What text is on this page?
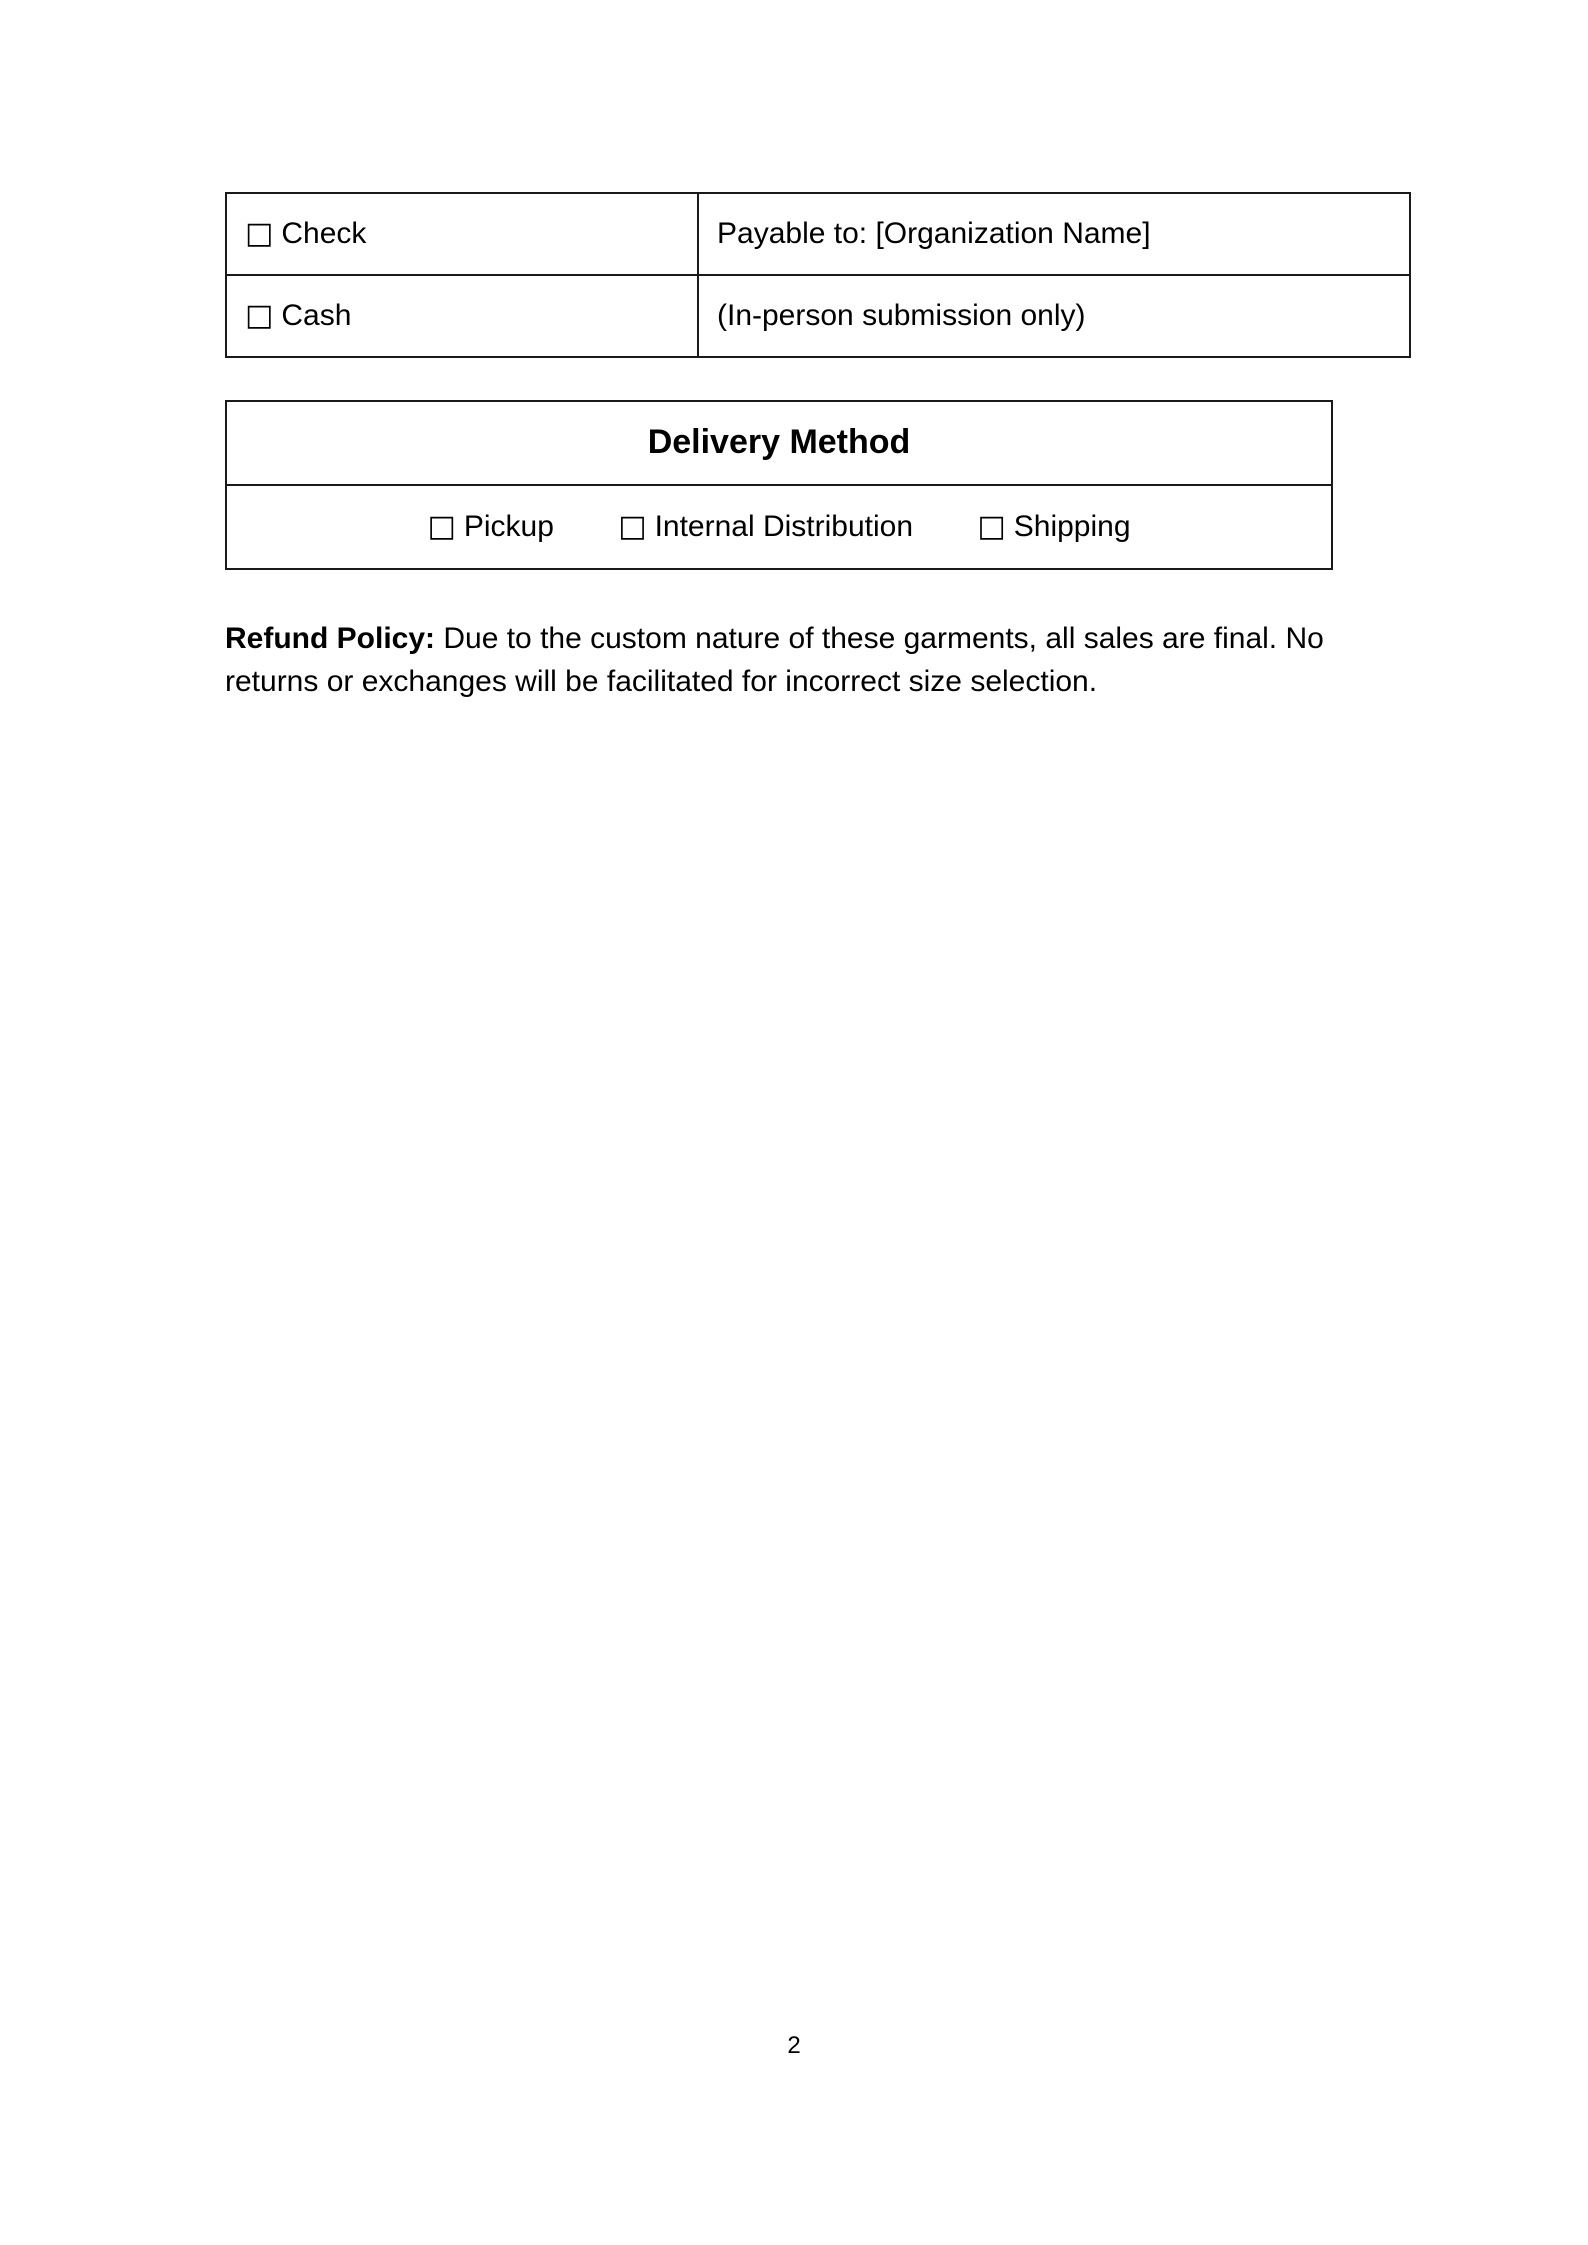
□ Check	Payable to: [Organization Name]
□ Cash	(In-person submission only)
Delivery Method
□ Pickup □ Internal Distribution □ Shipping

Refund Policy: Due to the custom nature of these garments, all sales are final. No returns or exchanges will be facilitated for incorrect size selection.

2
